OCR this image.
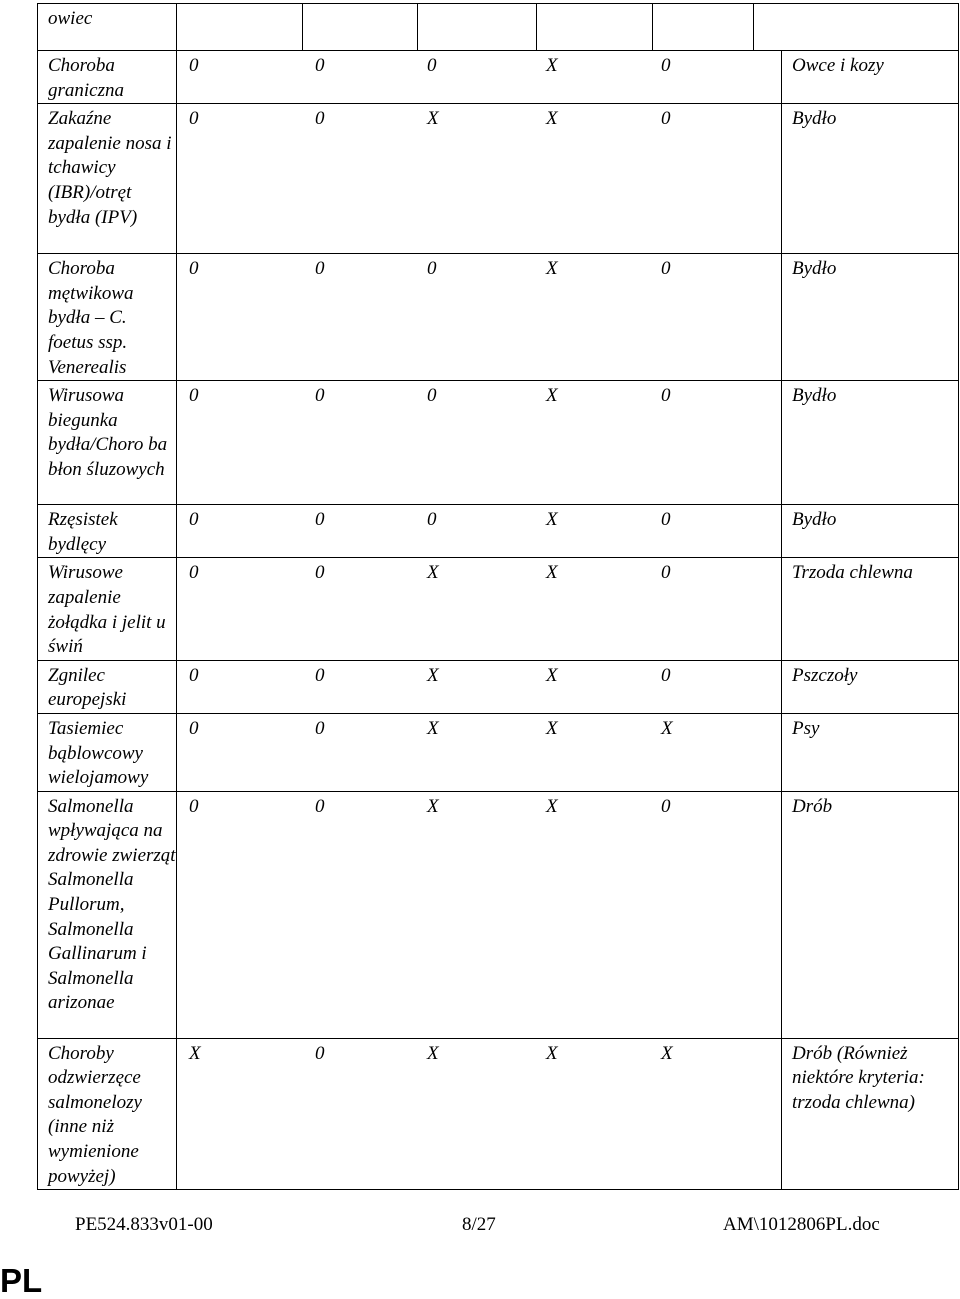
owiec						
Choroba graniczna	0 0 0 X 0	Owce i kozy
Zakaźne zapalenie nosa i tchawicy (IBR)/otręt bydła (IPV)	0 0 X X 0	Bydło
Choroba mętwikowa bydła – C. foetus ssp. Venerealis	0 0 0 X 0	Bydło
Wirusowa biegunka bydła/Choro ba błon śluzowych	0 0 0 X 0	Bydło
Rzęsistek bydlęcy	0 0 0 X 0	Bydło
Wirusowe zapalenie żołądka i jelit u świń	0 0 X X 0	Trzoda chlewna
Zgnilec europejski	0 0 X X 0	Pszczoły
Tasiemiec bąblowcowy wielojamowy	0 0 X X X	Psy
Salmonella wpływająca na zdrowie zwierząt Salmonella Pullorum, Salmonella Gallinarum i Salmonella arizonae	0 0 X X 0	Drób
Choroby odzwierzęce salmonelozy (inne niż wymienione powyżej)	X 0 X X X	Drób (Również niektóre kryteria: trzoda chlewna)
PE524.833v01-00	8/27	AM\1012806PL.doc
PL
